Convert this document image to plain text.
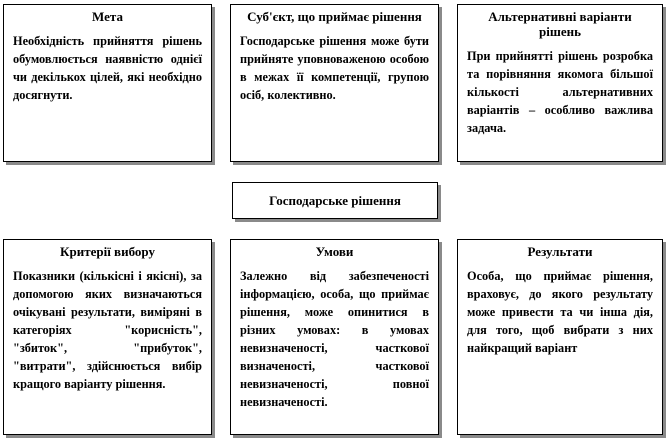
Мета

Необхідність прийняття рішень обумовлюється наявністю однієї чи декількох цілей, які необхідно досягнути.

Суб'єкт, що приймає рішення

Господарське рішення може бути прийняте уповноваженою особою в межах її компетенції, групою осіб, колективно.

Альтернативні варіанти рішень

При прийнятті рішень розробка та порівняння якомога більшої кількості альтернативних варіантів – особливо важлива задача.

Господарське рішення
Критерії вибору

Показники (кількісні і якісні), за допомогою яких визначаються очікувані результати, виміряні в категоріях "корисність", "збиток", "прибуток", "витрати", здійснюється вибір кращого варіанту рішення.

Умови

Залежно від забезпеченості інформацією, особа, що приймає рішення, може опинитися в різних умовах: в умовах невизначеності, часткової визначеності, часткової невизначеності, повної невизначеності.

Результати

Особа, що приймає рішення, враховує, до якого результату може привести та чи інша дія, для того, щоб вибрати з них найкращий варіант
